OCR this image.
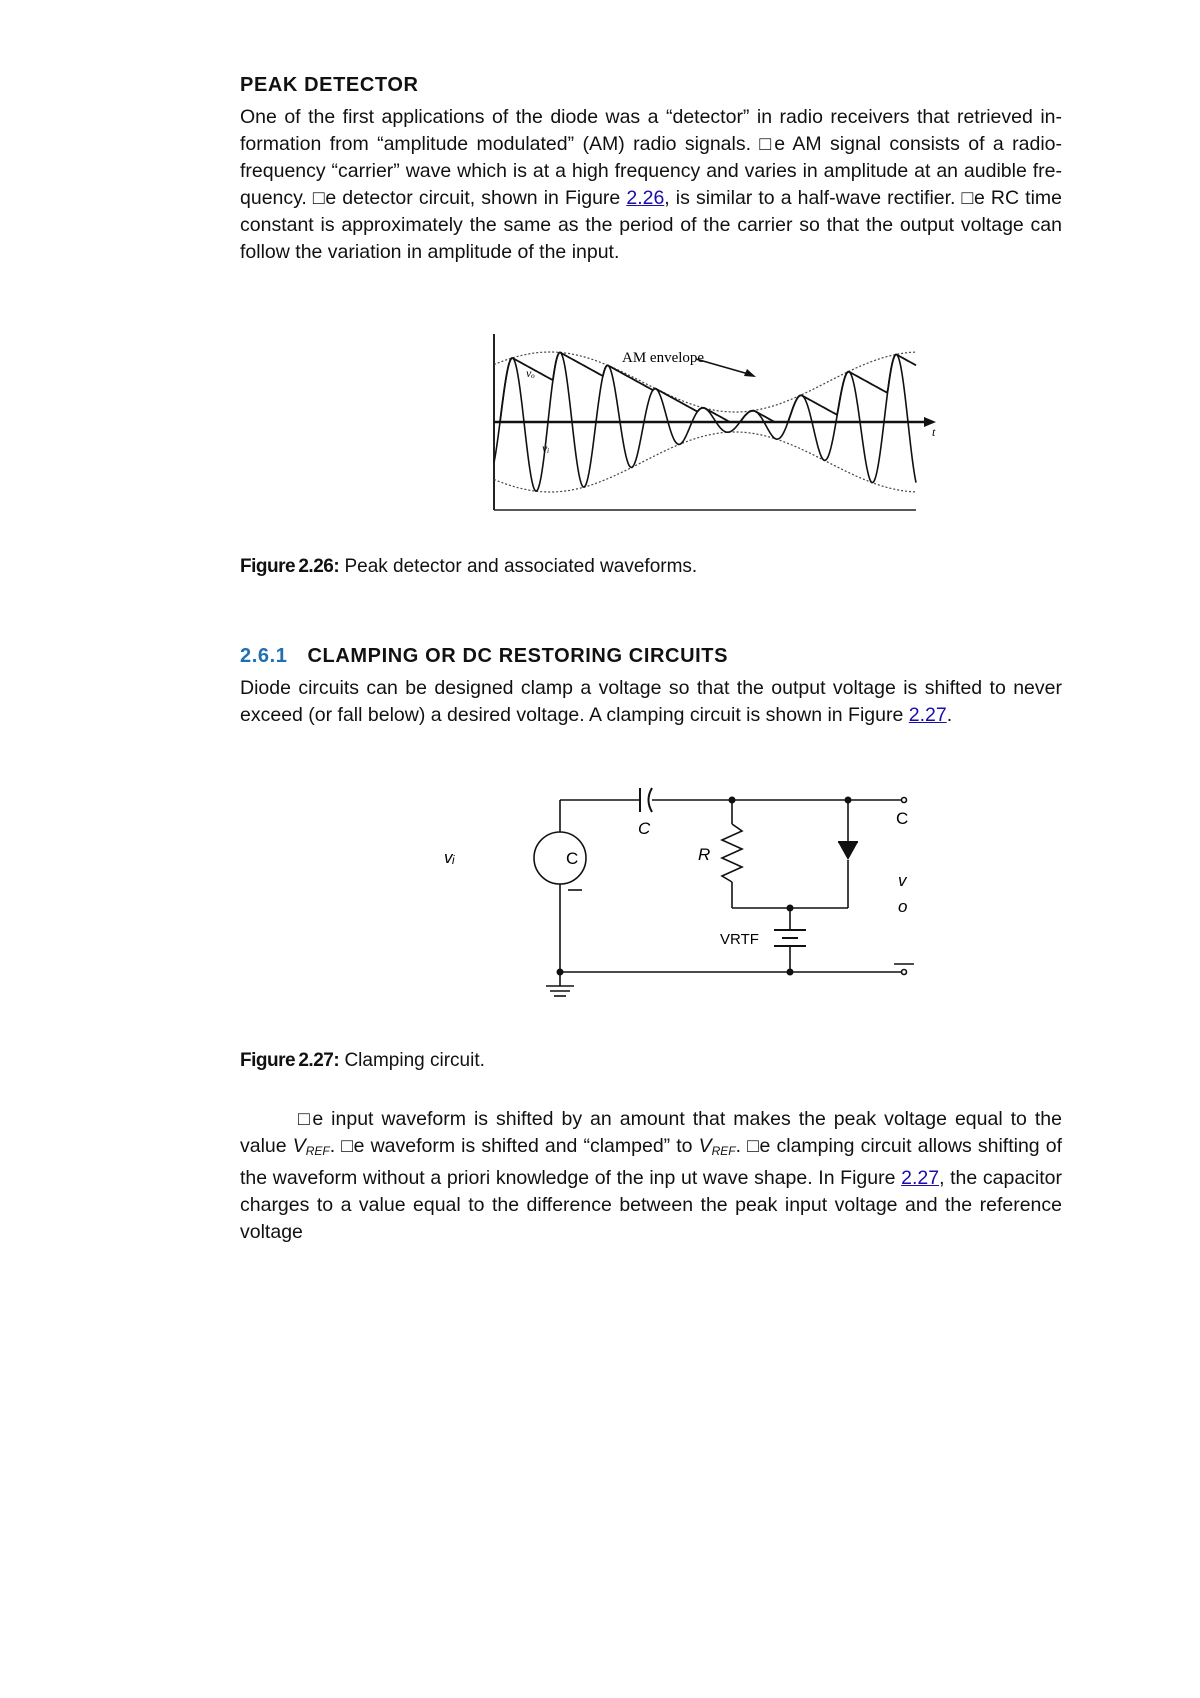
PEAK DETECTOR

One of the first applications of the diode was a “detector” in radio receivers that retrieved in- formation from “amplitude modulated” (AM) radio signals. □e AM signal consists of a radio- frequency “carrier” wave which is at a high frequency and varies in amplitude at an audible fre- quency. □e detector circuit, shown in Figure 2.26, is similar to a half-wave rectifier. □e RC time constant is approximately the same as the period of the carrier so that the output voltage can follow the variation in amplitude of the input.

AM envelope
vₒ
vᵢ
t

Figure 2.26: Peak detector and associated waveforms.

2.6.1 CLAMPING OR DC RESTORING CIRCUITS

Diode circuits can be designed clamp a voltage so that the output voltage is shifted to never exceed (or fall below) a desired voltage. A clamping circuit is shown in Figure 2.27.

vᵢ	C
C
R
VRTF
C
v
o

Figure 2.27: Clamping circuit.

□e input waveform is shifted by an amount that makes the peak voltage equal to the value $V_{REF}$. □e waveform is shifted and “clamped” to $V_{REF}$. □e clamping circuit allows shifting of the waveform without a priori knowledge of the inp ut wave shape. In Figure 2.27, the capacitor charges to a value equal to the difference between the peak input voltage and the reference voltage
